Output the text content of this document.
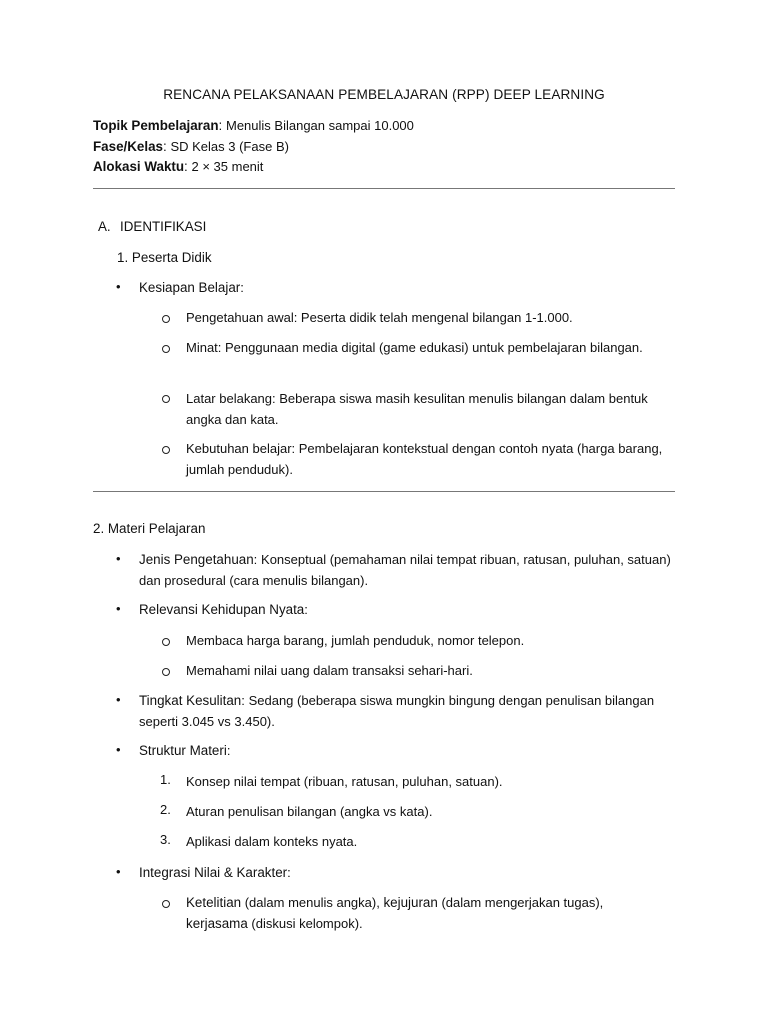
RENCANA PELAKSANAAN PEMBELAJARAN (RPP) DEEP LEARNING
Topik Pembelajaran: Menulis Bilangan sampai 10.000
Fase/Kelas: SD Kelas 3 (Fase B)
Alokasi Waktu: 2 × 35 menit
A. IDENTIFIKASI
1. Peserta Didik
• Kesiapan Belajar:
Pengetahuan awal: Peserta didik telah mengenal bilangan 1-1.000.
Minat: Penggunaan media digital (game edukasi) untuk pembelajaran bilangan.
Latar belakang: Beberapa siswa masih kesulitan menulis bilangan dalam bentuk angka dan kata.
Kebutuhan belajar: Pembelajaran kontekstual dengan contoh nyata (harga barang, jumlah penduduk).
2. Materi Pelajaran
• Jenis Pengetahuan: Konseptual (pemahaman nilai tempat ribuan, ratusan, puluhan, satuan) dan prosedural (cara menulis bilangan).
• Relevansi Kehidupan Nyata:
Membaca harga barang, jumlah penduduk, nomor telepon.
Memahami nilai uang dalam transaksi sehari-hari.
• Tingkat Kesulitan: Sedang (beberapa siswa mungkin bingung dengan penulisan bilangan seperti 3.045 vs 3.450).
• Struktur Materi:
1. Konsep nilai tempat (ribuan, ratusan, puluhan, satuan).
2. Aturan penulisan bilangan (angka vs kata).
3. Aplikasi dalam konteks nyata.
• Integrasi Nilai & Karakter:
Ketelitian (dalam menulis angka), kejujuran (dalam mengerjakan tugas), kerjasama (diskusi kelompok).
